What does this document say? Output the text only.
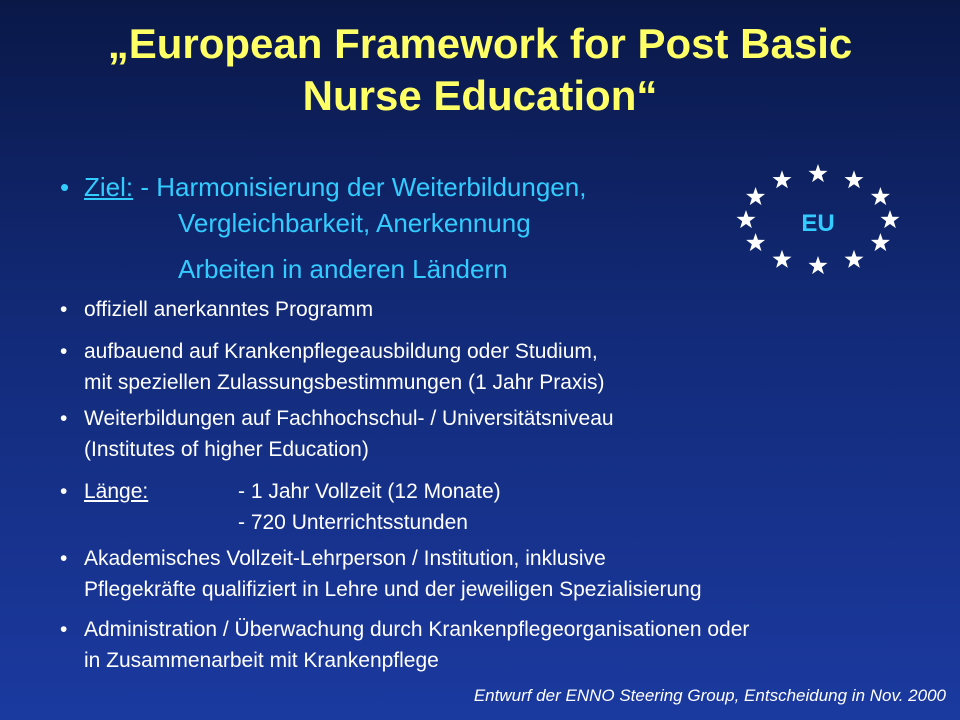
„European Framework for Post Basic
Nurse Education“
• Ziel: - Harmonisierung der Weiterbildungen,
Vergleichbarkeit, Anerkennung
Arbeiten in anderen Ländern
EU
• offiziell anerkanntes Programm
• aufbauend auf Krankenpflegeausbildung oder Studium,
mit speziellen Zulassungsbestimmungen (1 Jahr Praxis)
• Weiterbildungen auf Fachhochschul- / Universitätsniveau
(Institutes of higher Education)
• Länge:	- 1 Jahr Vollzeit (12 Monate)
- 720 Unterrichtsstunden
• Akademisches Vollzeit-Lehrperson / Institution, inklusive
Pflegekräfte qualifiziert in Lehre und der jeweiligen Spezialisierung
• Administration / Überwachung durch Krankenpflegeorganisationen oder
in Zusammenarbeit mit Krankenpflege
Entwurf der ENNO Steering Group, Entscheidung in Nov. 2000
